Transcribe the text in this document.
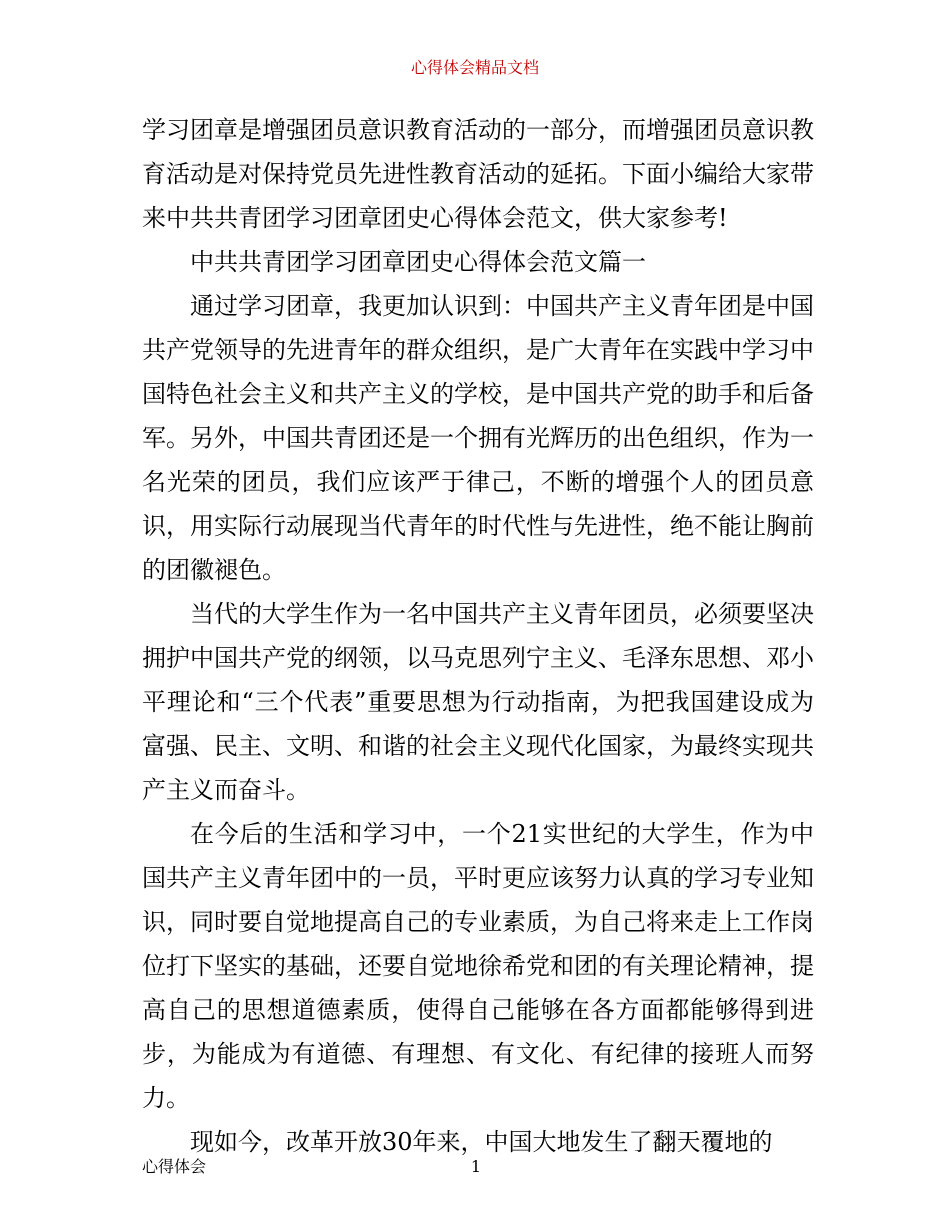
心得体会精品文档

学习团章是增强团员意识教育活动的一部分，而增强团员意识教育活动是对保持党员先进性教育活动的延拓。下面小编给大家带来中共共青团学习团章团史心得体会范文，供大家参考!

中共共青团学习团章团史心得体会范文篇一

通过学习团章，我更加认识到：中国共产主义青年团是中国共产党领导的先进青年的群众组织，是广大青年在实践中学习中国特色社会主义和共产主义的学校，是中国共产党的助手和后备军。另外，中国共青团还是一个拥有光辉历的出色组织，作为一名光荣的团员，我们应该严于律己，不断的增强个人的团员意识，用实际行动展现当代青年的时代性与先进性，绝不能让胸前的团徽褪色。

当代的大学生作为一名中国共产主义青年团员，必须要坚决拥护中国共产党的纲领，以马克思列宁主义、毛泽东思想、邓小平理论和“三个代表”重要思想为行动指南，为把我国建设成为富强、民主、文明、和谐的社会主义现代化国家，为最终实现共产主义而奋斗。

在今后的生活和学习中，一个21实世纪的大学生，作为中国共产主义青年团中的一员，平时更应该努力认真的学习专业知识，同时要自觉地提高自己的专业素质，为自己将来走上工作岗位打下坚实的基础，还要自觉地徐希党和团的有关理论精神，提高自己的思想道德素质，使得自己能够在各方面都能够得到进步，为能成为有道德、有理想、有文化、有纪律的接班人而努力。

现如今，改革开放30年来，中国大地发生了翻天覆地的

心得体会	1
